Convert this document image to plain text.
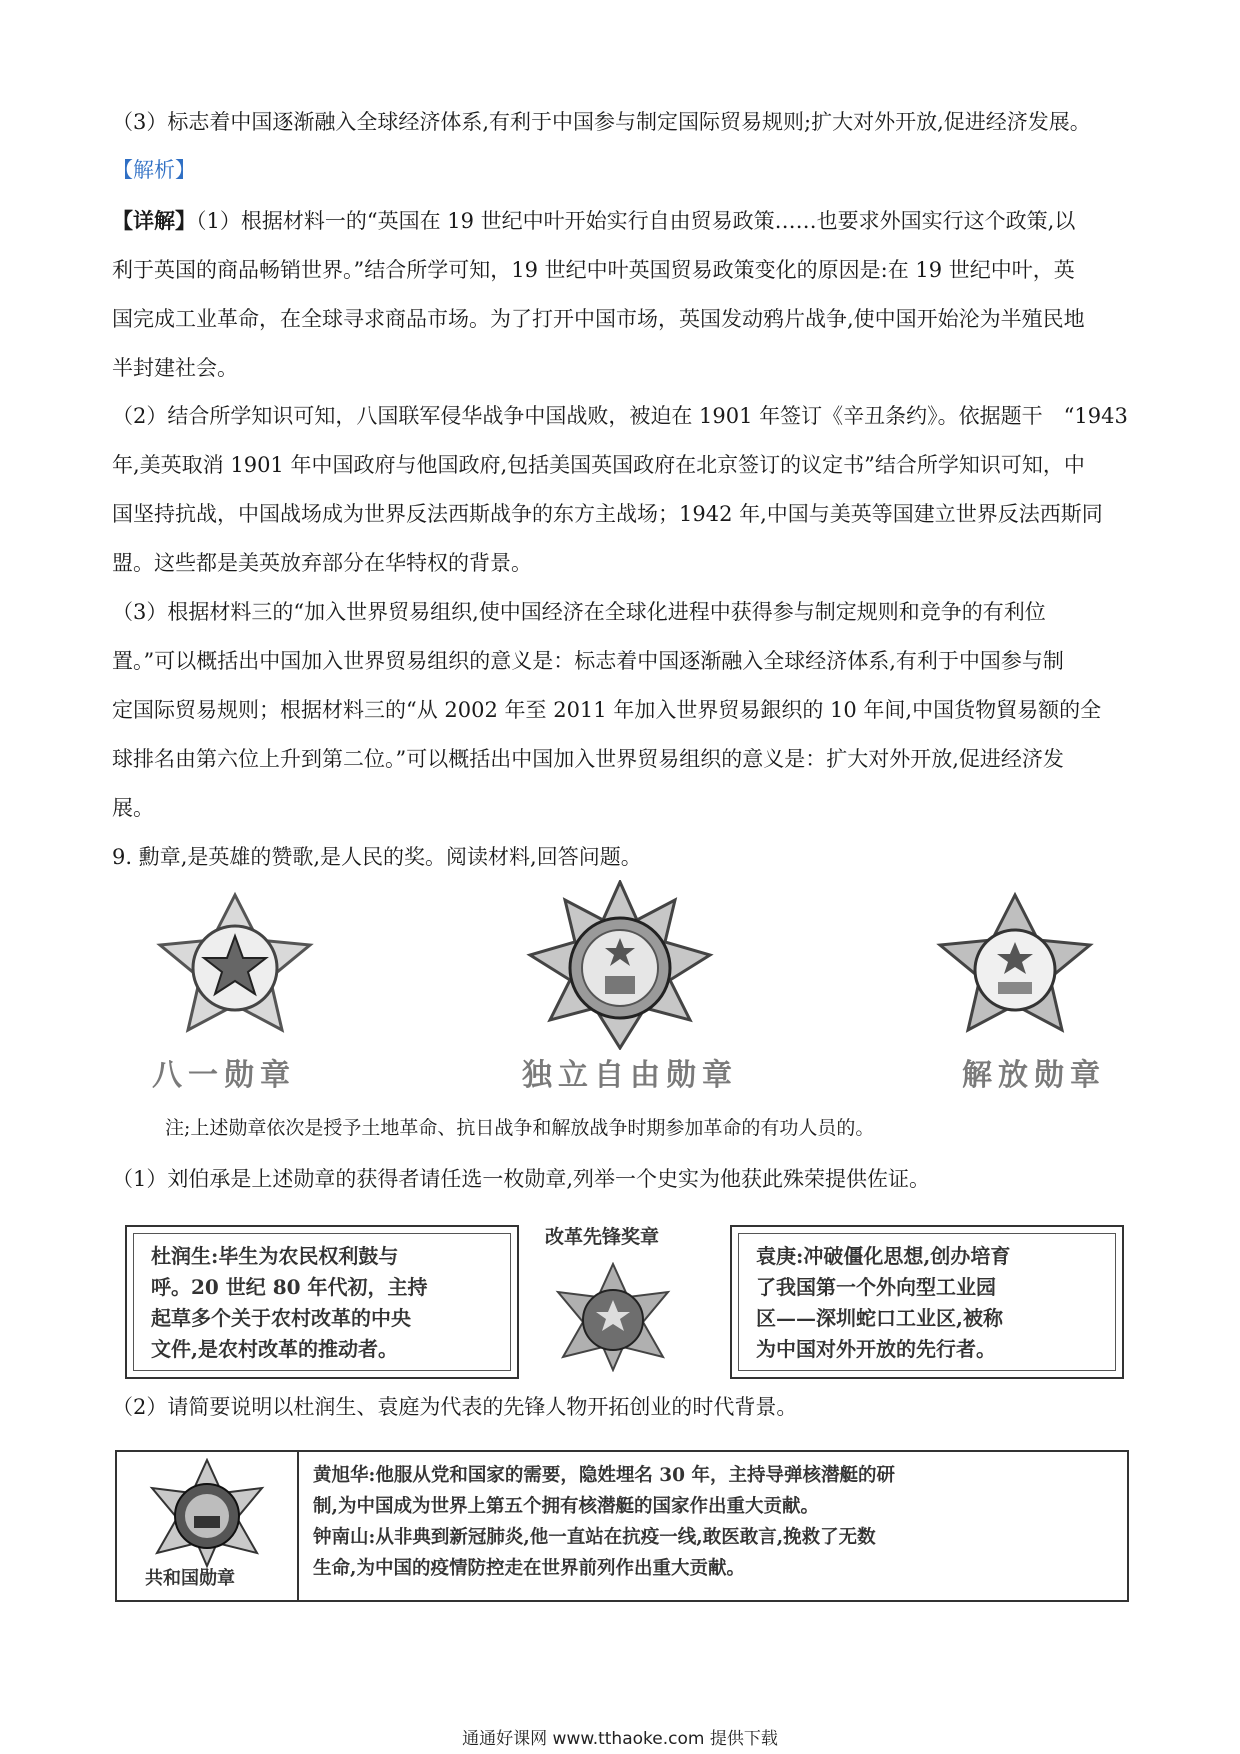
（3）标志着中国逐渐融入全球经济体系,有利于中国参与制定国际贸易规则;扩大对外开放,促进经济发展。

【解析】

【详解】（1）根据材料一的“英国在 19 世纪中叶开始实行自由贸易政策……也要求外国实行这个政策,以
利于英国的商品畅销世界。”结合所学可知，19 世纪中叶英国贸易政策变化的原因是:在 19 世纪中叶，英
国完成工业革命，在全球寻求商品市场。为了打开中国市场，英国发动鸦片战争,使中国开始沦为半殖民地
半封建社会。

（2）结合所学知识可知，八国联军侵华战争中国战败，被迫在 1901 年签订《辛丑条约》。依据题干　“1943
年,美英取消 1901 年中国政府与他国政府,包括美国英国政府在北京签订的议定书”结合所学知识可知，中
国坚持抗战，中国战场成为世界反法西斯战争的东方主战场；1942 年,中国与美英等国建立世界反法西斯同
盟。这些都是美英放弃部分在华特权的背景。

（3）根据材料三的“加入世界贸易组织,使中国经济在全球化进程中获得参与制定规则和竞争的有利位
置。”可以概括出中国加入世界贸易组织的意义是：标志着中国逐渐融入全球经济体系,有利于中国参与制
定国际贸易规则；根据材料三的“从 2002 年至 2011 年加入世界贸易銀织的 10 年间,中国货物貿易额的全
球排名由第六位上升到第二位。”可以概括出中国加入世界贸易组织的意义是：扩大对外开放,促进经济发
展。

9. 勳章,是英雄的赞歌,是人民的奖。阅读材料,回答问题。

八一勋章	独立自由勋章	解放勋章
注;上述勋章依次是授予土地革命、抗日战争和解放战争时期参加革命的有功人员的。

（1）刘伯承是上述勋章的获得者请任选一枚勋章,列举一个史实为他获此殊荣提供佐证。

杜润生:毕生为农民权利鼓与
呼。20 世纪 80 年代初，主持
起草多个关于农村改革的中央
文件,是农村改革的推动者。
改革先锋奖章
袁庚:冲破僵化思想,创办培育
了我国第一个外向型工业园
区——深圳蛇口工业区,被称
为中国对外开放的先行者。

（2）请简要说明以杜润生、袁庭为代表的先锋人物开拓创业的时代背景。

共和国勋章
黄旭华:他服从党和国家的需要，隐姓埋名 30 年，主持导弹核潜艇的研
制,为中国成为世界上第五个拥有核潜艇的国家作出重大贡献。
钟南山:从非典到新冠肺炎,他一直站在抗疫一线,敢医敢言,挽救了无数
生命,为中国的疫情防控走在世界前列作出重大贡献。
通通好课网 www.tthaoke.com 提供下载
